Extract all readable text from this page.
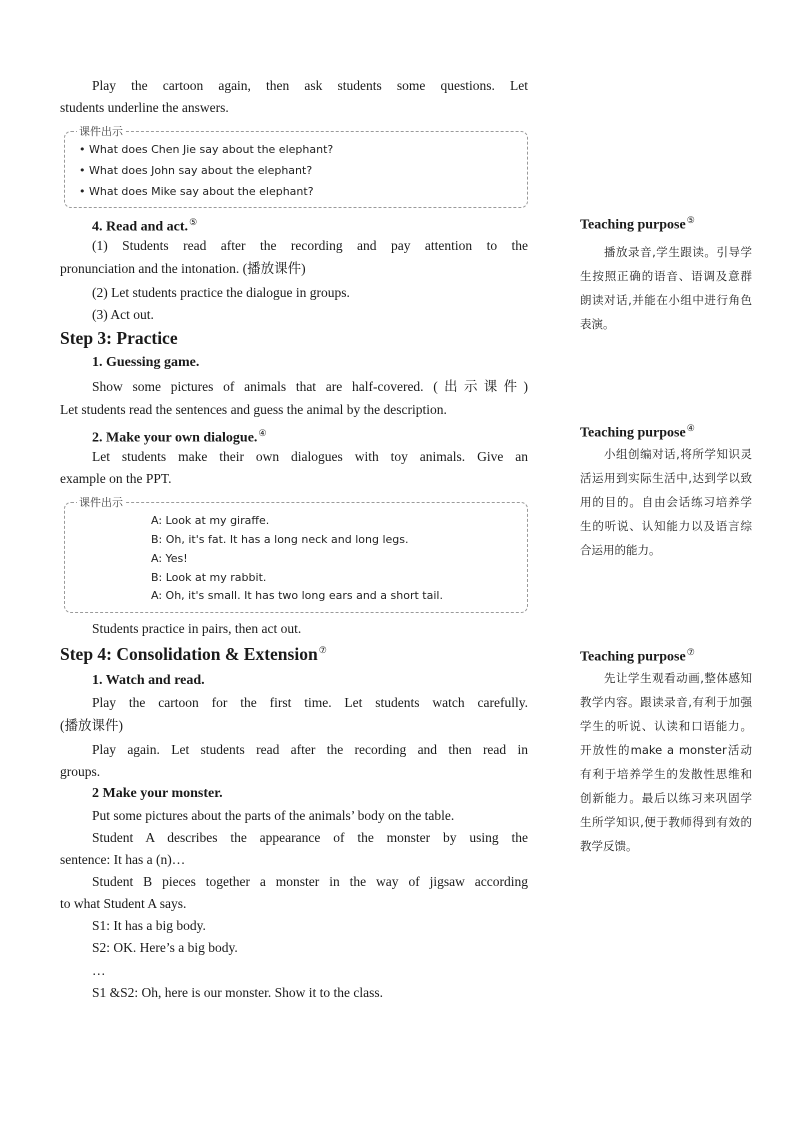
Play the cartoon again, then ask students some questions. Let
students underline the answers.
课件出示
• What does Chen Jie say about the elephant?
• What does John say about the elephant?
• What does Mike say about the elephant?
4. Read and act.⑤
(1) Students read after the recording and pay attention to the
pronunciation and the intonation. (播放课件)
(2) Let students practice the dialogue in groups.
(3) Act out.
Step 3: Practice
1. Guessing game.
Show some pictures of animals that are half-covered. (出示课件)
Let students read the sentences and guess the animal by the description.
2. Make your own dialogue.④
Let students make their own dialogues with toy animals. Give an
example on the PPT.
课件出示
A: Look at my giraffe.
B: Oh, it's fat. It has a long neck and long legs.
A: Yes!
B: Look at my rabbit.
A: Oh, it's small. It has two long ears and a short tail.
Students practice in pairs, then act out.
Step 4: Consolidation & Extension⑦
1. Watch and read.
Play the cartoon for the first time. Let students watch carefully.
(播放课件)
Play again. Let students read after the recording and then read in
groups.
2 Make your monster.
Put some pictures about the parts of the animals’ body on the table.
Student A describes the appearance of the monster by using the
sentence: It has a (n)…
Student B pieces together a monster in the way of jigsaw according
to what Student A says.
S1: It has a big body.
S2: OK. Here’s a big body.
…
S1 &S2: Oh, here is our monster. Show it to the class.
Teaching purpose⑤
播放录音,学生跟读。引导学生按照正确的语音、语调及意群朗读对话,并能在小组中进行角色表演。
Teaching purpose④
小组创编对话,将所学知识灵活运用到实际生活中,达到学以致用的目的。自由会话练习培养学生的听说、认知能力以及语言综合运用的能力。
Teaching purpose⑦
先让学生观看动画,整体感知教学内容。跟读录音,有利于加强学生的听说、认读和口语能力。开放性的make a monster活动有利于培养学生的发散性思维和创新能力。最后以练习来巩固学生所学知识,便于教师得到有效的教学反馈。
